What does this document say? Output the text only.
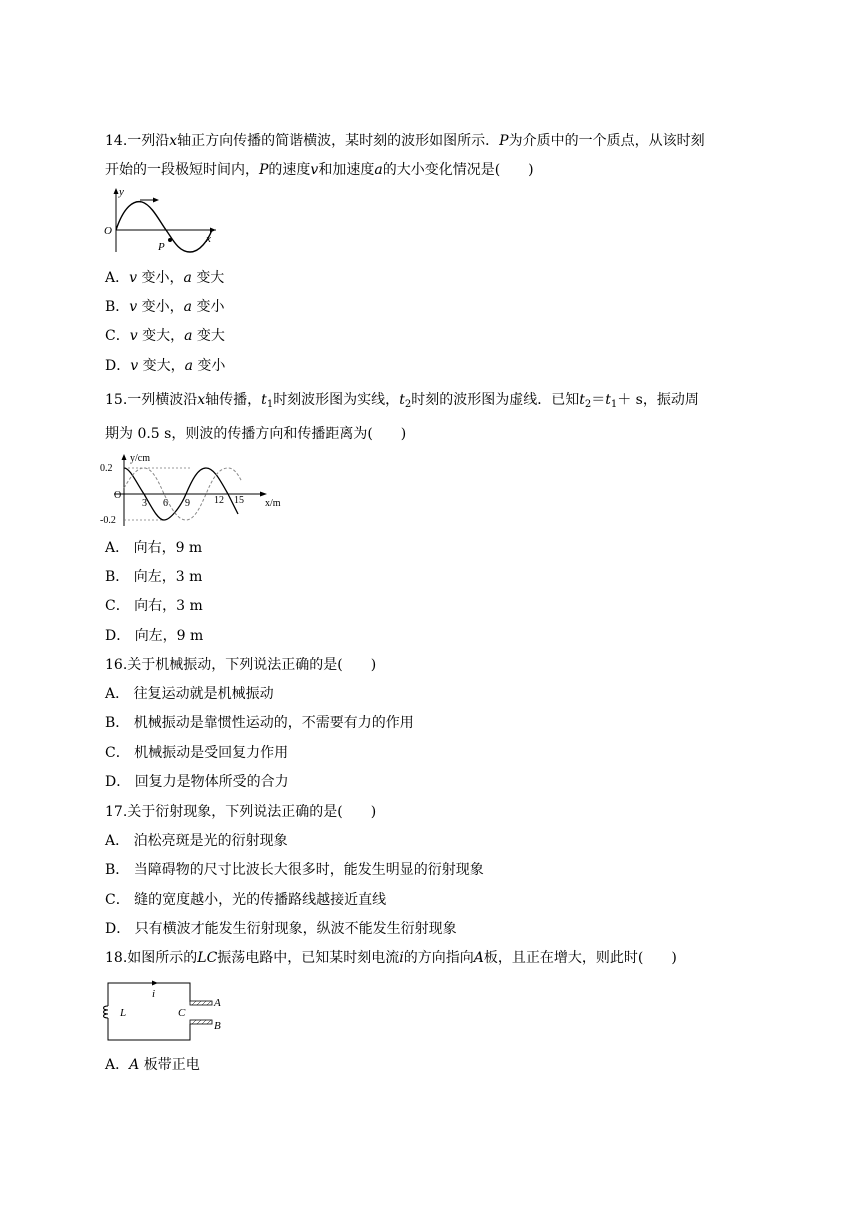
14.一列沿x轴正方向传播的简谐横波，某时刻的波形如图所示．P为介质中的一个质点，从该时刻
开始的一段极短时间内，P的速度v和加速度a的大小变化情况是(　　)
y
O
x
P
A．v 变小，a 变大
B．v 变小，a 变小
C．v 变大，a 变大
D．v 变大，a 变小
15.一列横波沿x轴传播，$t_1$时刻波形图为实线，$t_2$时刻的波形图为虚线．已知$t_2=t_1+ s$，振动周
期为 0.5 s，则波的传播方向和传播距离为(　　)
y/cm
0.2
-0.2
O
3 6 9 12 15 x/m
A． 向右，9 m
B． 向左，3 m
C． 向右，3 m
D． 向左，9 m
16.关于机械振动，下列说法正确的是(　　)
A． 往复运动就是机械振动
B． 机械振动是靠惯性运动的，不需要有力的作用
C． 机械振动是受回复力作用
D． 回复力是物体所受的合力
17.关于衍射现象，下列说法正确的是(　　)
A． 泊松亮斑是光的衍射现象
B． 当障碍物的尺寸比波长大很多时，能发生明显的衍射现象
C． 缝的宽度越小，光的传播路线越接近直线
D． 只有横波才能发生衍射现象，纵波不能发生衍射现象
18.如图所示的LC振荡电路中，已知某时刻电流i的方向指向A板，且正在增大，则此时(　　)
i
L	C
A
B
A．A 板带正电
